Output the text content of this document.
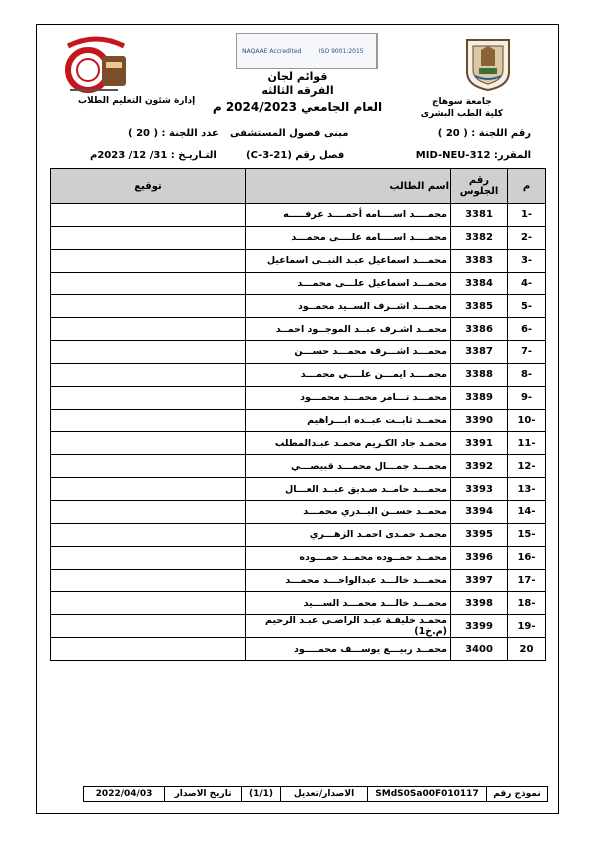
جامعة سوهاج
كلية الطب البشرى
NAQAAE Accredited	ISO 9001:2015
إدارة شئون التعليم الطلاب
قوائم لجان
الفرقه الثالثه
العام الجامعي 2024/2023 م
رقم اللجنة : ( 20 )
مبنى فصول المستشفى
عدد اللجنة : ( 20 )
المقرر: MID-NEU-312
فصل رقم (C-3-21)
التـاريـخ : 31/ 12/ 2023م
م	رقم الجلوس	اسم الطالب	توقيع
-1	3381	محمــــد اســــامه أحمــــد عرفـــــه	
-2	3382	محمــــد اســــامه علــــى محمـــد	
-3	3383	محمـــد اسماعيل عبـد النبــى اسماعيل	
-4	3384	محمـــد اسماعيل علـــى محمـــد	
-5	3385	محمـــد اشــرف الســيد محمــود	
-6	3386	محمــد اشـرف عبــد الموجــود احمــد	
-7	3387	محمـــد اشـــرف محمـــد حســـن	
-8	3388	محمــــد ايمـــن علــــي محمـــد	
-9	3389	محمـــد تـــامر محمـــد محمـــود	
-10	3390	محمــد ثابــت عبــده ابـــراهيم	
-11	3391	محمـد جاد الكـريم محمـد عبـدالمطلب	
-12	3392	محمـــد جمـــال محمـــد قبيصـــي	
-13	3393	محمـــد حامــد صـديق عبــد العـــال	
-14	3394	محمــد حســن البــدري محمـــد	
-15	3395	محمـد حمـدى احمـد الزهـــري	
-16	3396	محمــد حمــوده محمــد حمـــوده	
-17	3397	محمـــد خالـــد عبدالواحـــد محمـــد	
-18	3398	محمـــد خالـــد محمـــد الســـيد	
-19	3399	محمـد خليفـة عبـد الراضـى عبـد الرحيم (م.خ1)	
20	3400	محمــد ربيـــع يوســـف محمــــود	
نموذج رقم
SMdS0Sa00F010117
الاصدار/تعديل
(1/1)
تاريخ الاصدار
2022/04/03
